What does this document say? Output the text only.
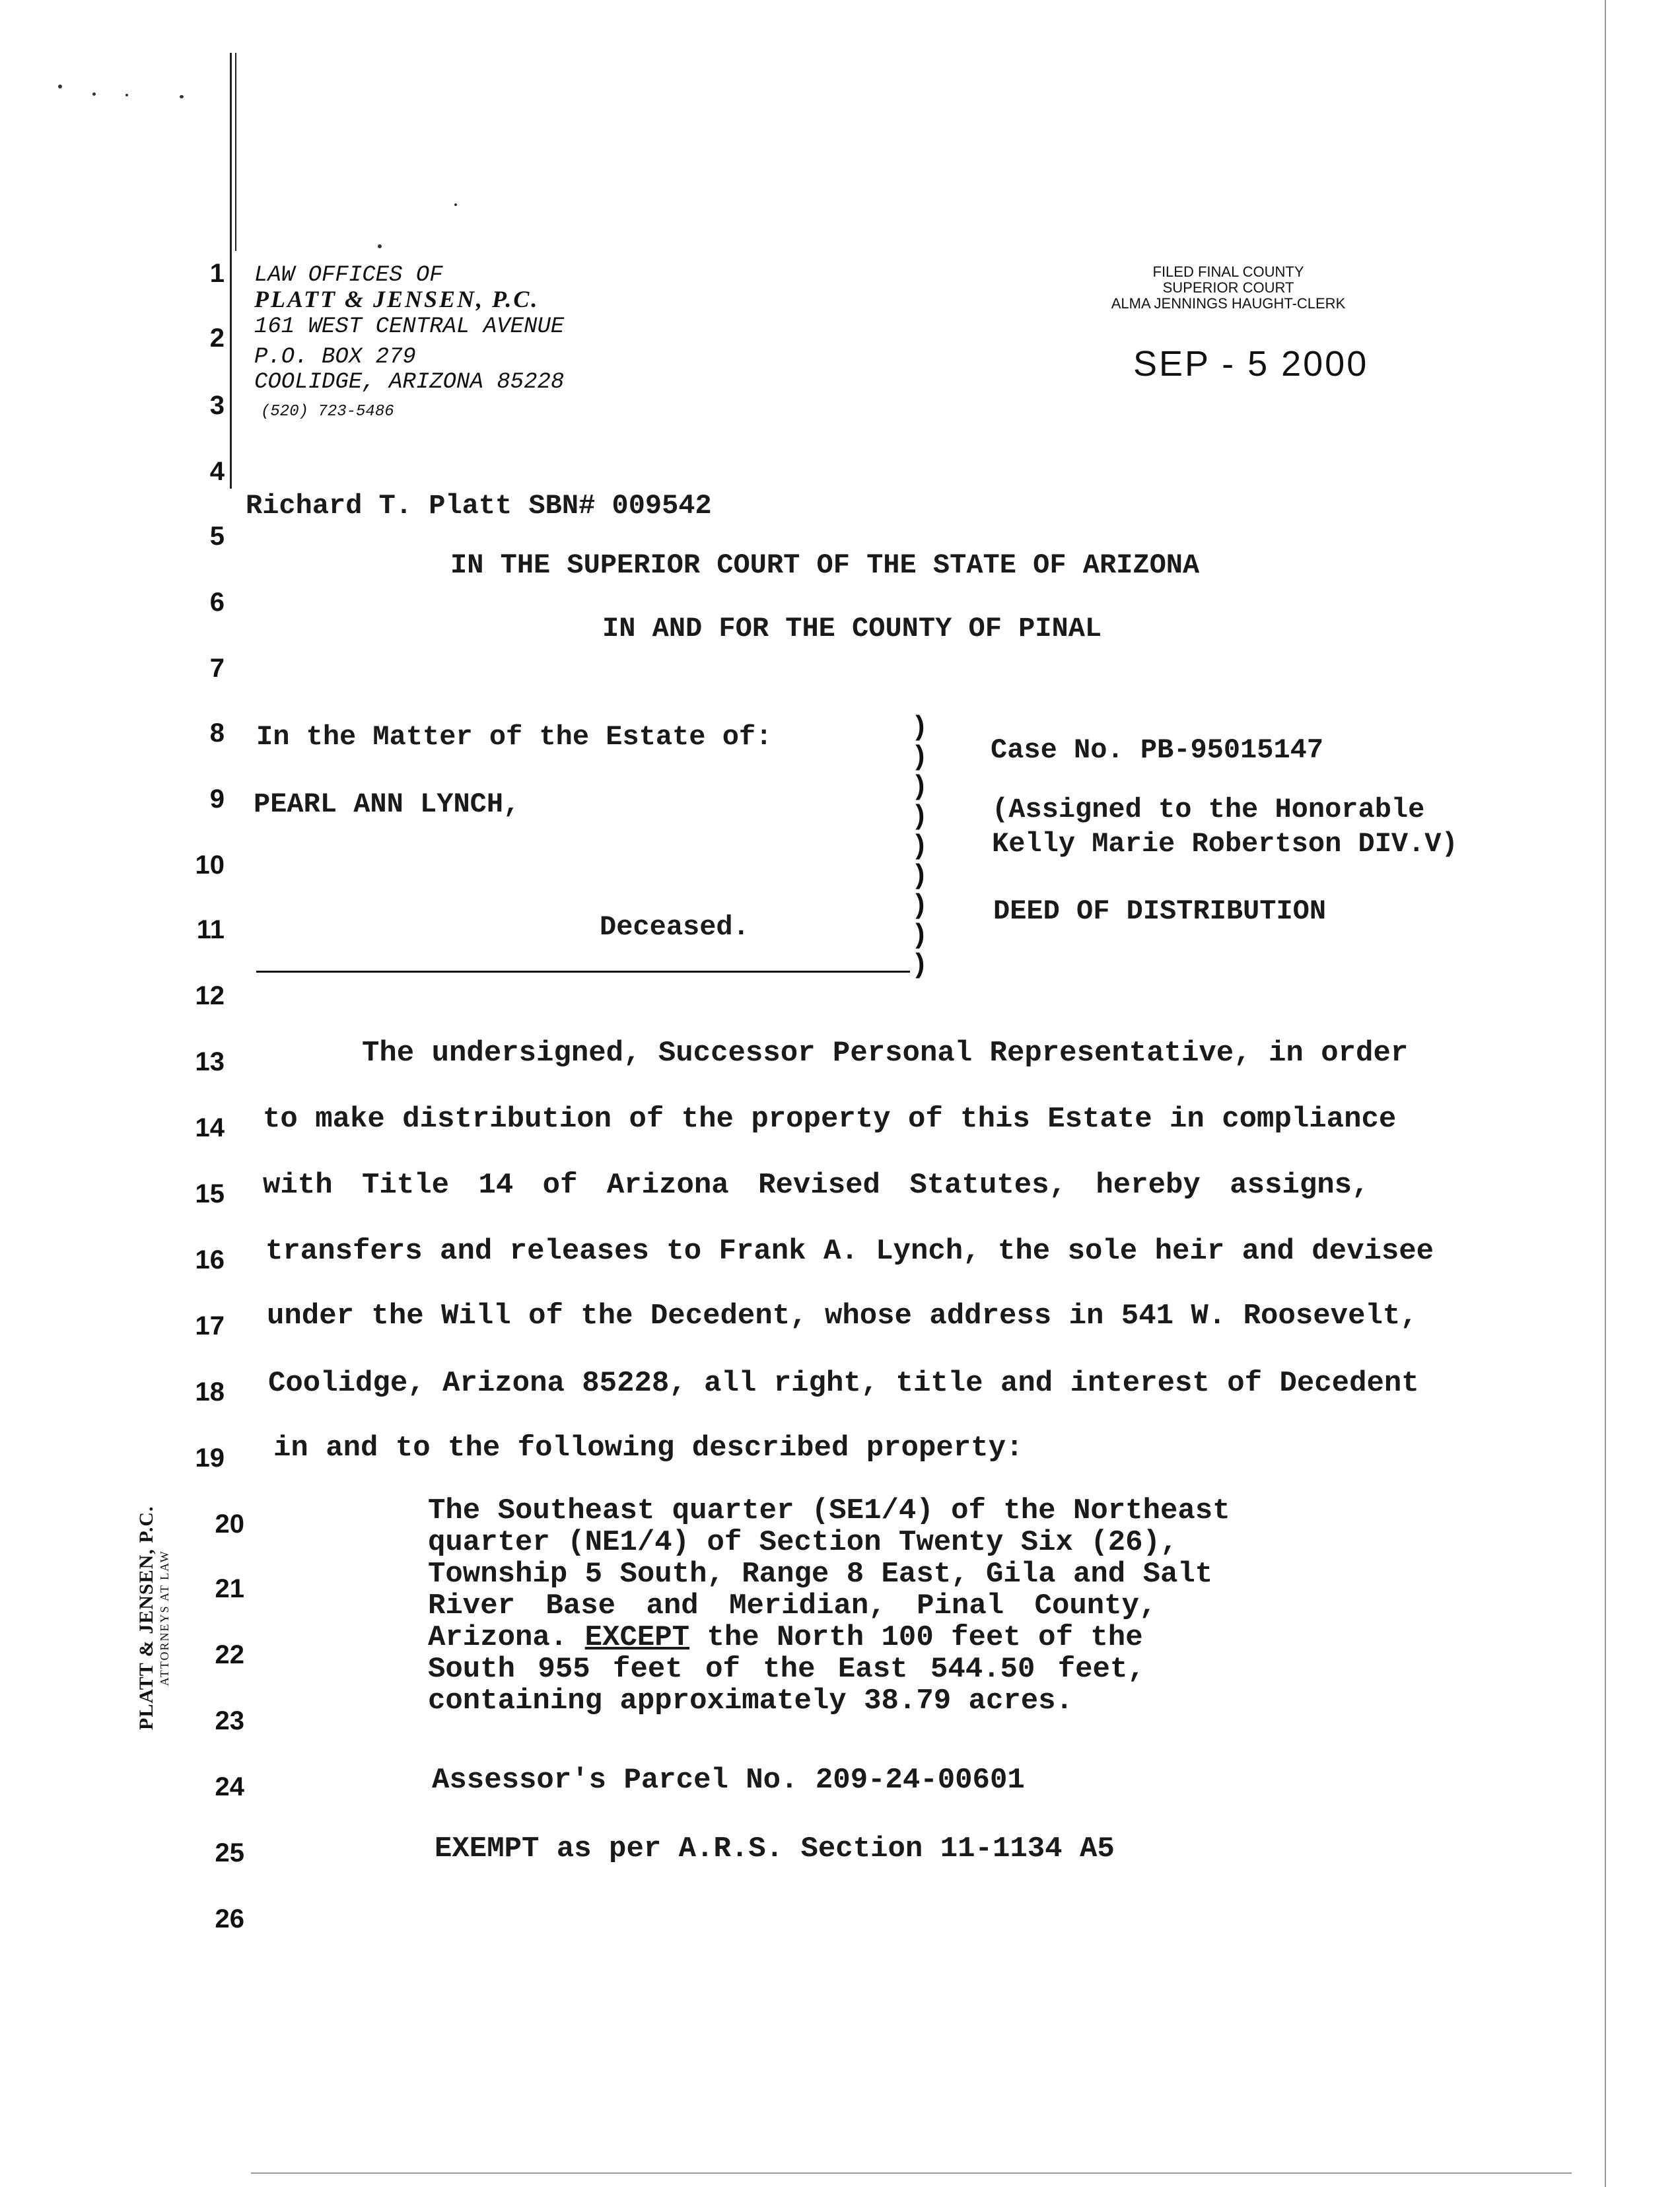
LAW OFFICES OF
PLATT & JENSEN, P.C.
161 WEST CENTRAL AVENUE
P.O. BOX 279
COOLIDGE, ARIZONA 85228
(520) 723-5486
FILED FINAL COUNTY
SUPERIOR COURT
ALMA JENNINGS HAUGHT-CLERK
SEP - 5 2000
1
2
3
4
5
6
7
8
9
10
11
12
13
14
15
16
17
18
19
20
21
22
23
24
25
26
Richard T. Platt SBN# 009542
IN THE SUPERIOR COURT OF THE STATE OF ARIZONA
IN AND FOR THE COUNTY OF PINAL
In the Matter of the Estate of:
PEARL ANN LYNCH,
Deceased.
)
)
)
)
)
)
)
)
)
Case No. PB-95015147
(Assigned to the Honorable
Kelly Marie Robertson DIV.V)
DEED OF DISTRIBUTION
The undersigned, Successor Personal Representative, in order
to make distribution of the property of this Estate in compliance
with Title 14 of Arizona Revised Statutes, hereby assigns,
transfers and releases to Frank A. Lynch, the sole heir and devisee
under the Will of the Decedent, whose address in 541 W. Roosevelt,
Coolidge, Arizona 85228, all right, title and interest of Decedent
in and to the following described property:
The Southeast quarter (SE1/4) of the Northeast
quarter (NE1/4) of Section Twenty Six (26),
Township 5 South, Range 8 East, Gila and Salt
River Base and Meridian, Pinal County,
Arizona. EXCEPT the North 100 feet of the
South 955 feet of the East 544.50 feet,
containing approximately 38.79 acres.
Assessor's Parcel No. 209-24-00601
EXEMPT as per A.R.S. Section 11-1134 A5
PLATT & JENSEN, P.C. ATTORNEYS AT LAW
